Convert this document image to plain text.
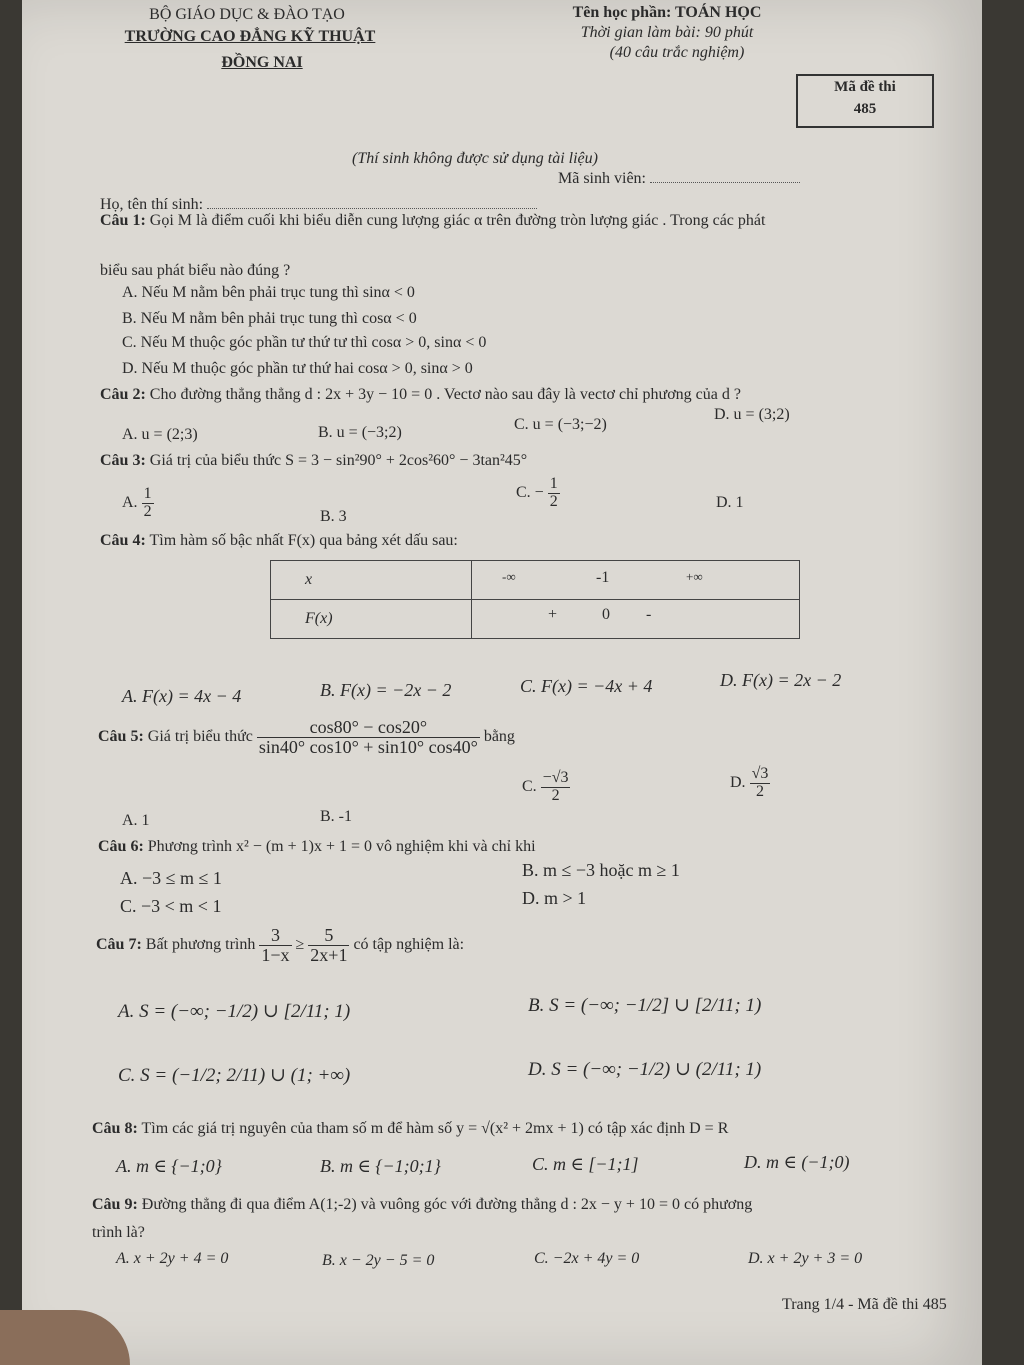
BỘ GIÁO DỤC & ĐÀO TẠO
TRƯỜNG CAO ĐẲNG KỸ THUẬT
ĐỒNG NAI
Tên học phần: TOÁN HỌC
Thời gian làm bài: 90 phút
(40 câu trắc nghiệm)
Mã đề thi
485
(Thí sinh không được sử dụng tài liệu)
Họ, tên thí sinh:
Mã sinh viên:
Câu 1: Gọi M là điểm cuối khi biểu diễn cung lượng giác α trên đường tròn lượng giác . Trong các phát
biểu sau phát biểu nào đúng ?
A. Nếu M nằm bên phải trục tung thì sinα < 0
B. Nếu M nằm bên phải trục tung thì cosα < 0
C. Nếu M thuộc góc phần tư thứ tư thì cosα > 0, sinα < 0
D. Nếu M thuộc góc phần tư thứ hai cosα > 0, sinα > 0
Câu 2: Cho đường thẳng thẳng d : 2x + 3y − 10 = 0 . Vectơ nào sau đây là vectơ chỉ phương của d ?
A. u = (2;3)	B. u = (−3;2)	C. u = (−3;−2)
D. u = (3;2)
Câu 3: Giá trị của biểu thức S = 3 − sin²90° + 2cos²60° − 3tan²45°
A. $\frac{1}{2}$	B. 3
C. − $\frac{1}{2}$	D. 1
Câu 4: Tìm hàm số bậc nhất F(x) qua bảng xét dấu sau:
x	-∞ -1 +∞

F(x)	+ 0 -
A. F(x) = 4x − 4	B. F(x) = −2x − 2	C. F(x) = −4x + 4	D. F(x) = 2x − 2
Câu 5: Giá trị biểu thức $\frac{\cos 80^\circ - \cos 20^\circ}{\sin 40^\circ \cos 10^\circ + \sin 10^\circ \cos 40^\circ}$ bằng
A. 1	B. -1
C. $\frac{-√3}{2}$	D. $\frac{√3}{2}$
Câu 6: Phương trình x² − (m + 1)x + 1 = 0 vô nghiệm khi và chỉ khi
A. −3 ≤ m ≤ 1	B. m ≤ −3 hoặc m ≥ 1
C. −3 < m < 1	D. m > 1
Câu 7: Bất phương trình $\frac{3}{1-x} \ge \frac{5}{2x+1}$ có tập nghiệm là:
A. S = (−∞; −1/2) ∪ [2/11; 1)	B. S = (−∞; −1/2] ∪ [2/11; 1)
C. S = (−1/2; 2/11) ∪ (1; +∞)	D. S = (−∞; −1/2) ∪ (2/11; 1)
Câu 8: Tìm các giá trị nguyên của tham số m để hàm số y = √(x² + 2mx + 1) có tập xác định D = R
A. m ∈ {−1;0}	B. m ∈ {−1;0;1}	C. m ∈ [−1;1]	D. m ∈ (−1;0)
Câu 9: Đường thẳng đi qua điểm A(1;-2) và vuông góc với đường thẳng d : 2x − y + 10 = 0 có phương
trình là?
A. x + 2y + 4 = 0	B. x − 2y − 5 = 0	C. −2x + 4y = 0	D. x + 2y + 3 = 0
Trang 1/4 - Mã đề thi 485
